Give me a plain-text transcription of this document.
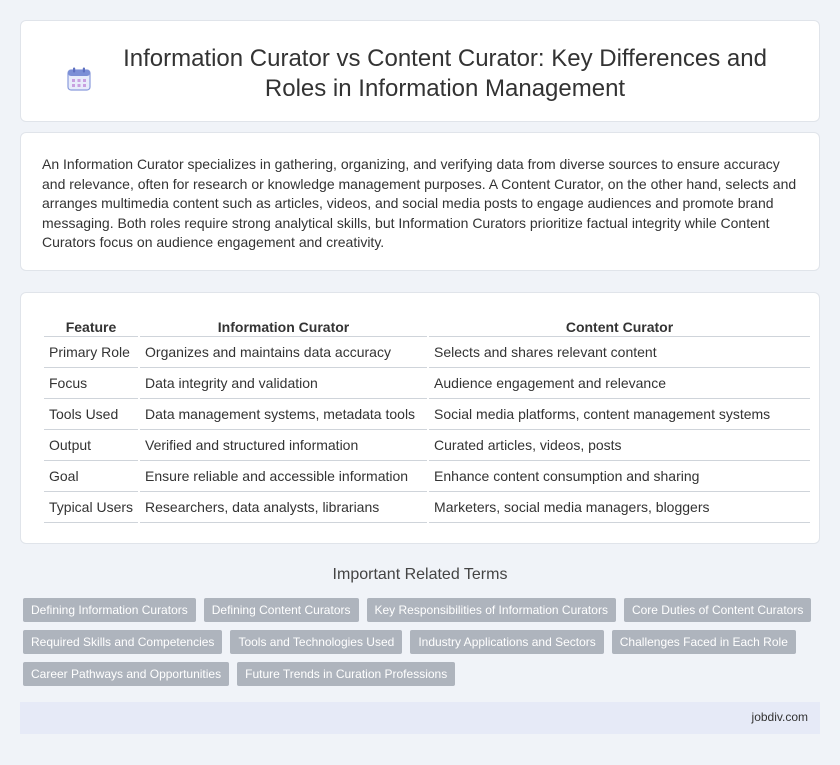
Information Curator vs Content Curator: Key Differences and Roles in Information Management

An Information Curator specializes in gathering, organizing, and verifying data from diverse sources to ensure accuracy and relevance, often for research or knowledge management purposes. A Content Curator, on the other hand, selects and arranges multimedia content such as articles, videos, and social media posts to engage audiences and promote brand messaging. Both roles require strong analytical skills, but Information Curators prioritize factual integrity while Content Curators focus on audience engagement and creativity.

Feature	Information Curator	Content Curator
Primary Role	Organizes and maintains data accuracy	Selects and shares relevant content
Focus	Data integrity and validation	Audience engagement and relevance
Tools Used	Data management systems, metadata tools	Social media platforms, content management systems
Output	Verified and structured information	Curated articles, videos, posts
Goal	Ensure reliable and accessible information	Enhance content consumption and sharing
Typical Users	Researchers, data analysts, librarians	Marketers, social media managers, bloggers
Important Related Terms
Defining Information Curators	Defining Content Curators	Key Responsibilities of Information Curators	Core Duties of Content Curators
Required Skills and Competencies	Tools and Technologies Used	Industry Applications and Sectors	Challenges Faced in Each Role
Career Pathways and Opportunities	Future Trends in Curation Professions
jobdiv.com
